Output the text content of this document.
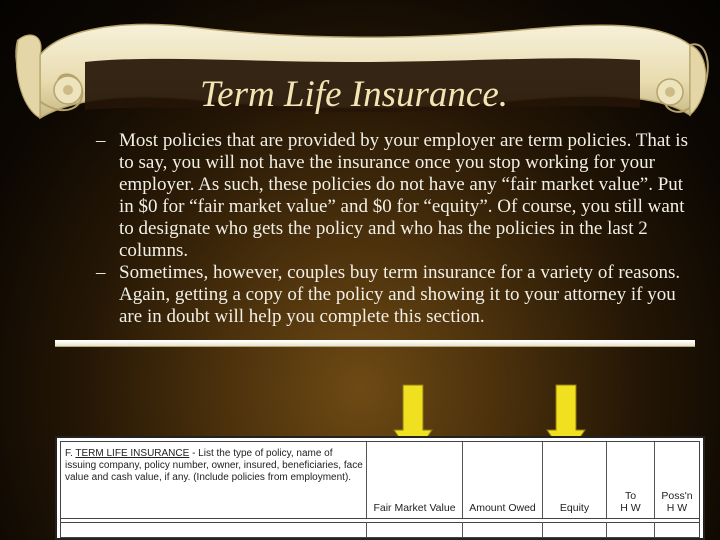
Term Life Insurance.
– Most policies that are provided by your employer are term policies. That is to say, you will not have the insurance once you stop working for your employer. As such, these policies do not have any “fair market value”. Put in $0 for “fair market value” and $0 for “equity”. Of course, you still want to designate who gets the policy and who has the policies in the last 2 columns.
– Sometimes, however, couples buy term insurance for a variety of reasons. Again, getting a copy of the policy and showing it to your attorney if you are in doubt will help you complete this section.
F. TERM LIFE INSURANCE - List the type of policy, name of issuing company, policy number, owner, insured, beneficiaries, face value and cash value, if any. (Include policies from employment).
Fair Market Value	Amount Owed	Equity
To
H W
Poss'n
H W
